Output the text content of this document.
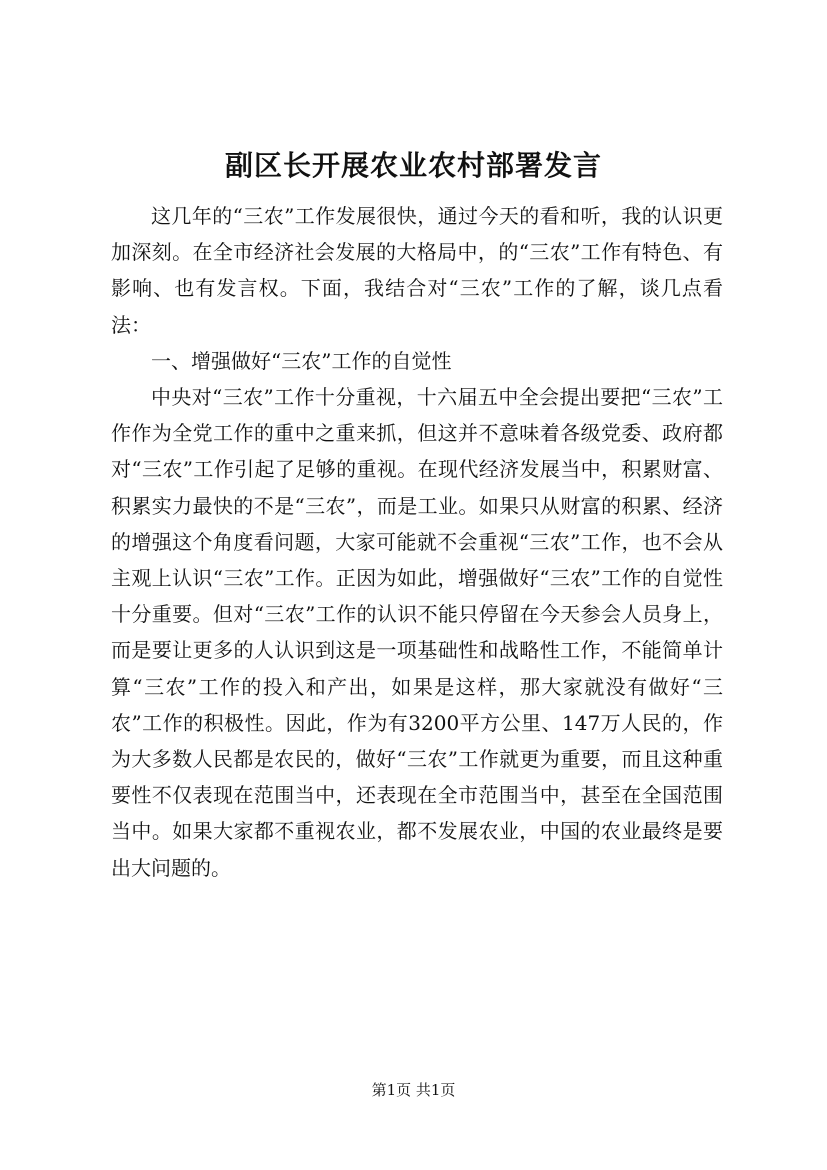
副区长开展农业农村部署发言

这几年的“三农”工作发展很快，通过今天的看和听，我的认识更加深刻。在全市经济社会发展的大格局中，的“三农”工作有特色、有影响、也有发言权。下面，我结合对“三农”工作的了解，谈几点看法：

一、增强做好“三农”工作的自觉性

中央对“三农”工作十分重视，十六届五中全会提出要把“三农”工作作为全党工作的重中之重来抓，但这并不意味着各级党委、政府都对“三农”工作引起了足够的重视。在现代经济发展当中，积累财富、积累实力最快的不是“三农”，而是工业。如果只从财富的积累、经济的增强这个角度看问题，大家可能就不会重视“三农”工作，也不会从主观上认识“三农”工作。正因为如此，增强做好“三农”工作的自觉性十分重要。但对“三农”工作的认识不能只停留在今天参会人员身上，而是要让更多的人认识到这是一项基础性和战略性工作，不能简单计算“三农”工作的投入和产出，如果是这样，那大家就没有做好“三农”工作的积极性。因此，作为有3200平方公里、147万人民的，作为大多数人民都是农民的，做好“三农”工作就更为重要，而且这种重要性不仅表现在范围当中，还表现在全市范围当中，甚至在全国范围当中。如果大家都不重视农业，都不发展农业，中国的农业最终是要出大问题的。

第1页 共1页
